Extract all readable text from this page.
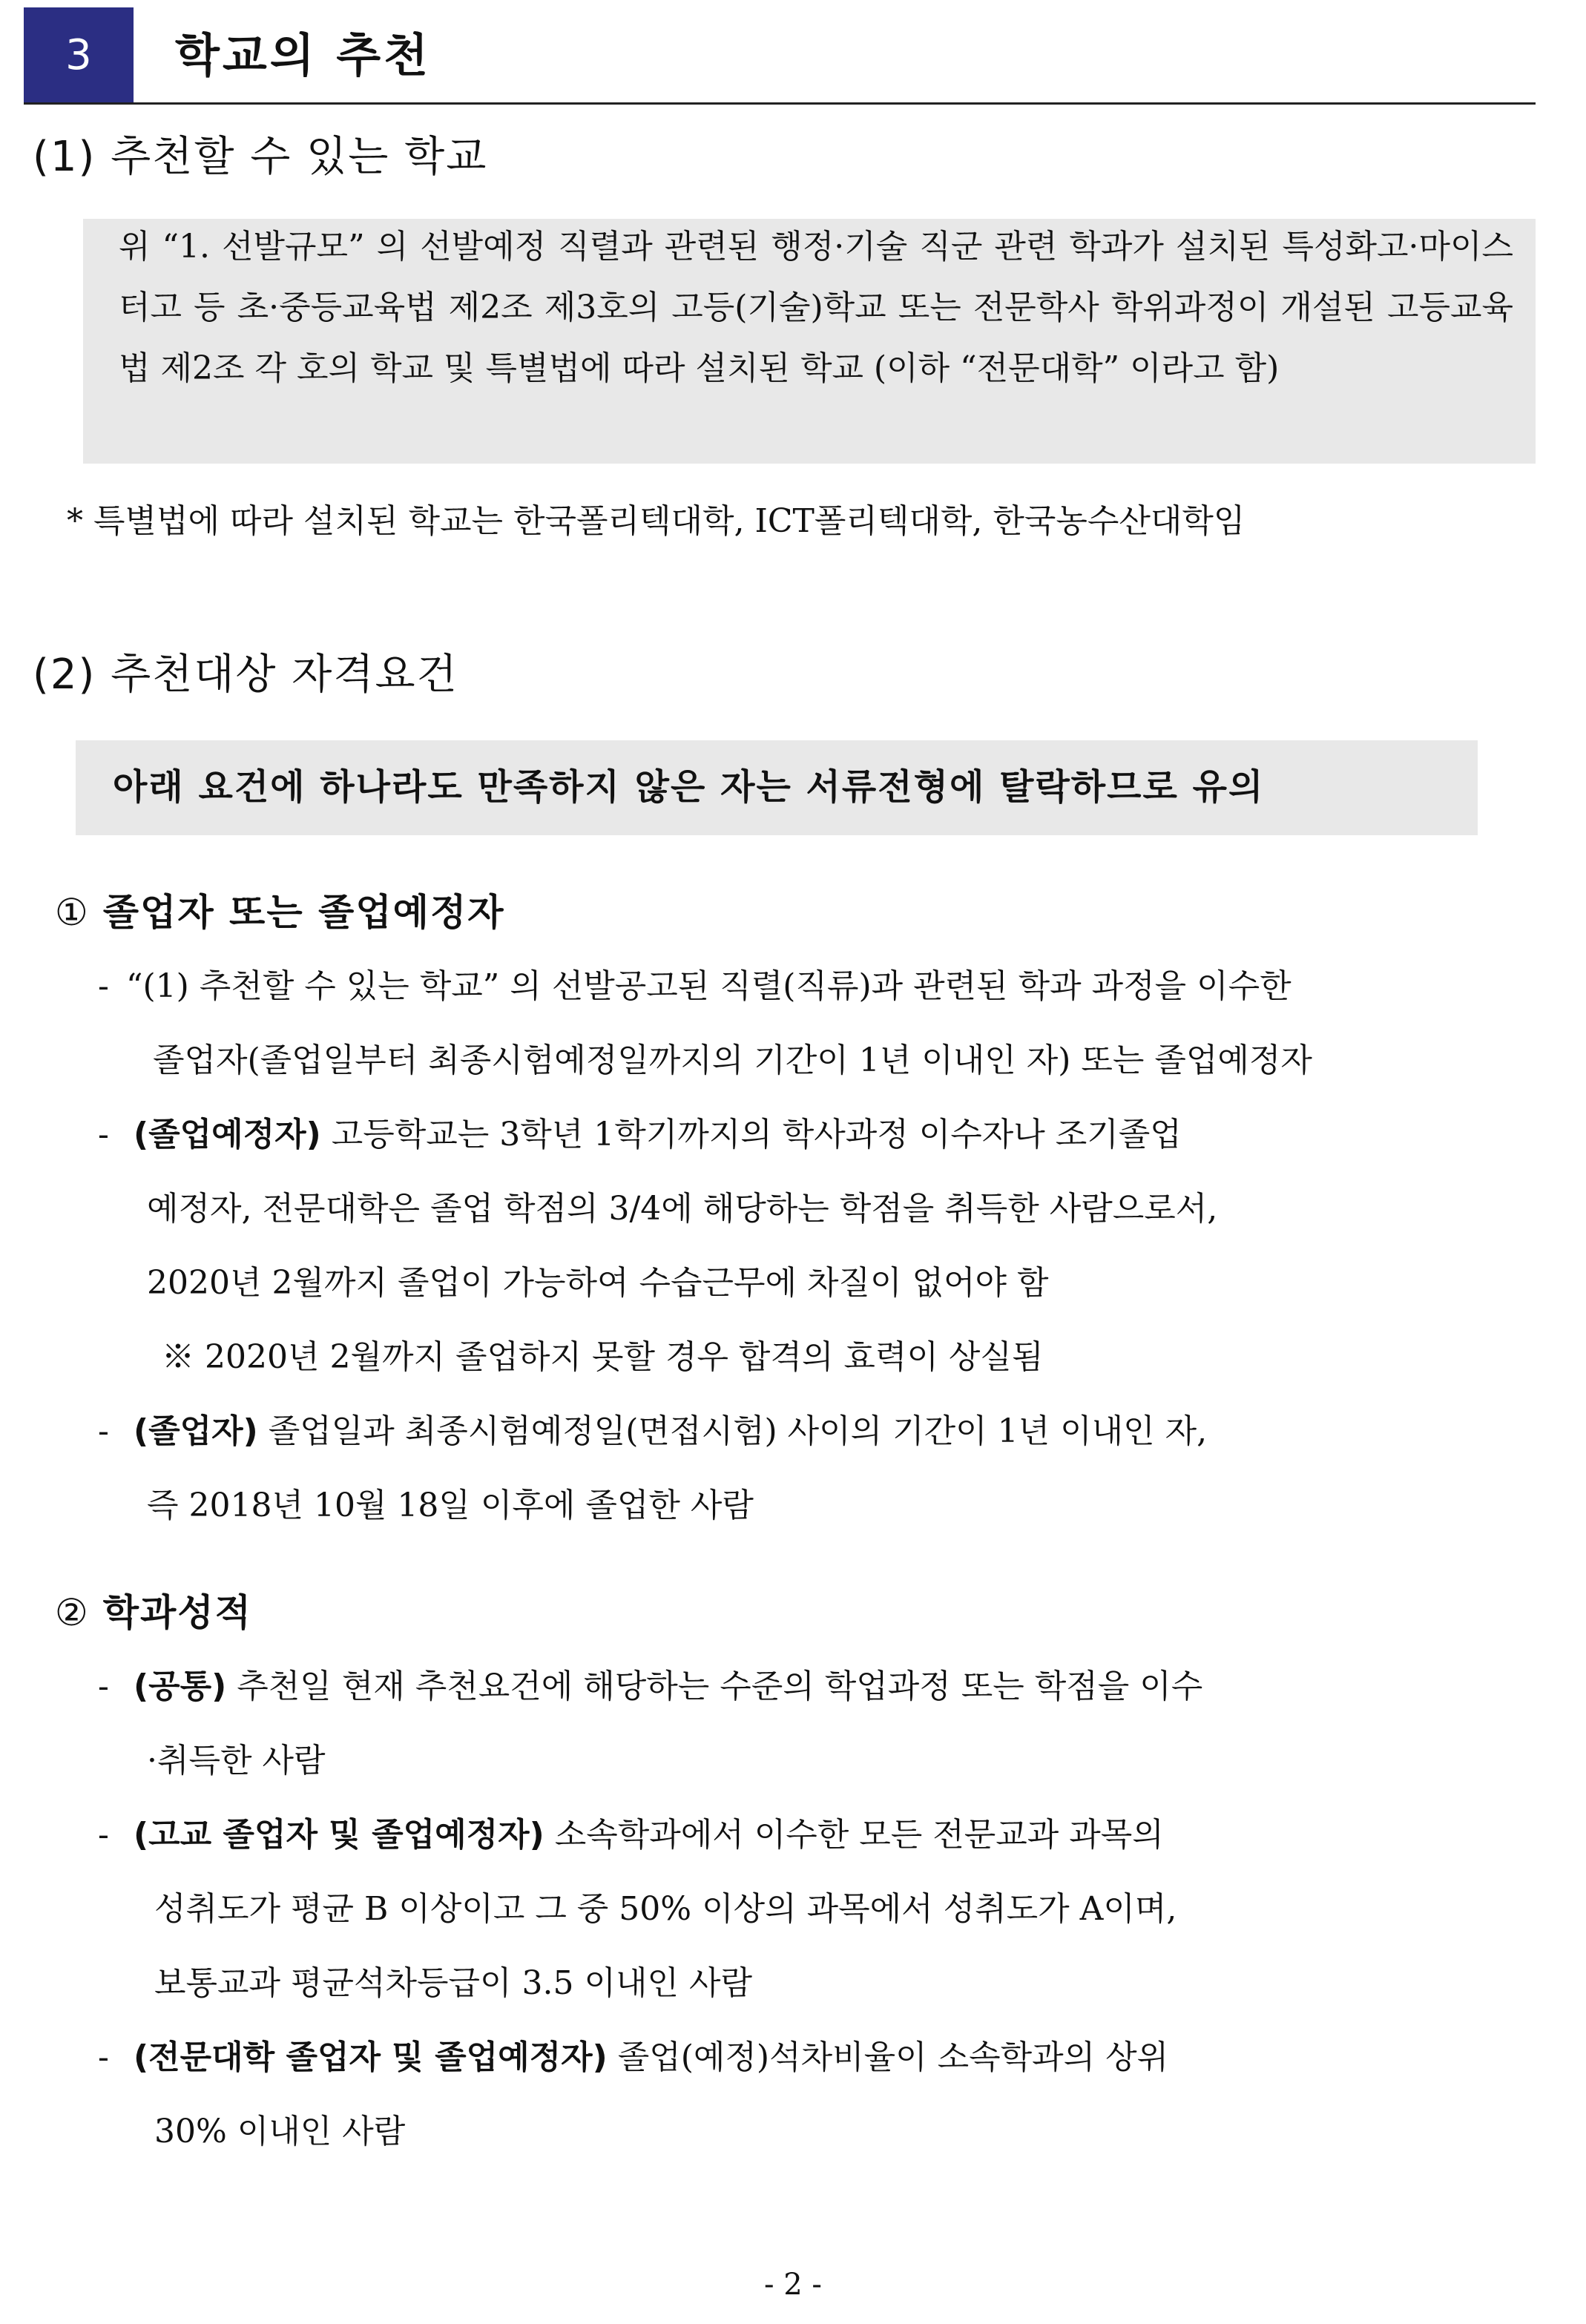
3	학교의 추천
(1) 추천할 수 있는 학교
위 “1. 선발규모” 의 선발예정 직렬과 관련된 행정·기술 직군 관련 학과가 설치된 특성화고·마이스터고 등 초·중등교육법 제2조 제3호의 고등(기술)학교 또는 전문학사 학위과정이 개설된 고등교육법 제2조 각 호의 학교 및 특별법에 따라 설치된 학교 (이하 “전문대학” 이라고 함)
* 특별법에 따라 설치된 학교는 한국폴리텍대학, ICT폴리텍대학, 한국농수산대학임
(2) 추천대상 자격요건
아래 요건에 하나라도 만족하지 않은 자는 서류전형에 탈락하므로 유의
① 졸업자 또는 졸업예정자
- “(1) 추천할 수 있는 학교” 의 선발공고된 직렬(직류)과 관련된 학과 과정을 이수한
졸업자(졸업일부터 최종시험예정일까지의 기간이 1년 이내인 자) 또는 졸업예정자
- (졸업예정자) 고등학교는 3학년 1학기까지의 학사과정 이수자나 조기졸업
예정자, 전문대학은 졸업 학점의 3/4에 해당하는 학점을 취득한 사람으로서,
2020년 2월까지 졸업이 가능하여 수습근무에 차질이 없어야 함
※ 2020년 2월까지 졸업하지 못할 경우 합격의 효력이 상실됨
- (졸업자) 졸업일과 최종시험예정일(면접시험) 사이의 기간이 1년 이내인 자,
즉 2018년 10월 18일 이후에 졸업한 사람
② 학과성적
- (공통) 추천일 현재 추천요건에 해당하는 수준의 학업과정 또는 학점을 이수
·취득한 사람
- (고교 졸업자 및 졸업예정자) 소속학과에서 이수한 모든 전문교과 과목의
성취도가 평균 B 이상이고 그 중 50% 이상의 과목에서 성취도가 A이며,
보통교과 평균석차등급이 3.5 이내인 사람
- (전문대학 졸업자 및 졸업예정자) 졸업(예정)석차비율이 소속학과의 상위
30% 이내인 사람
- 2 -
